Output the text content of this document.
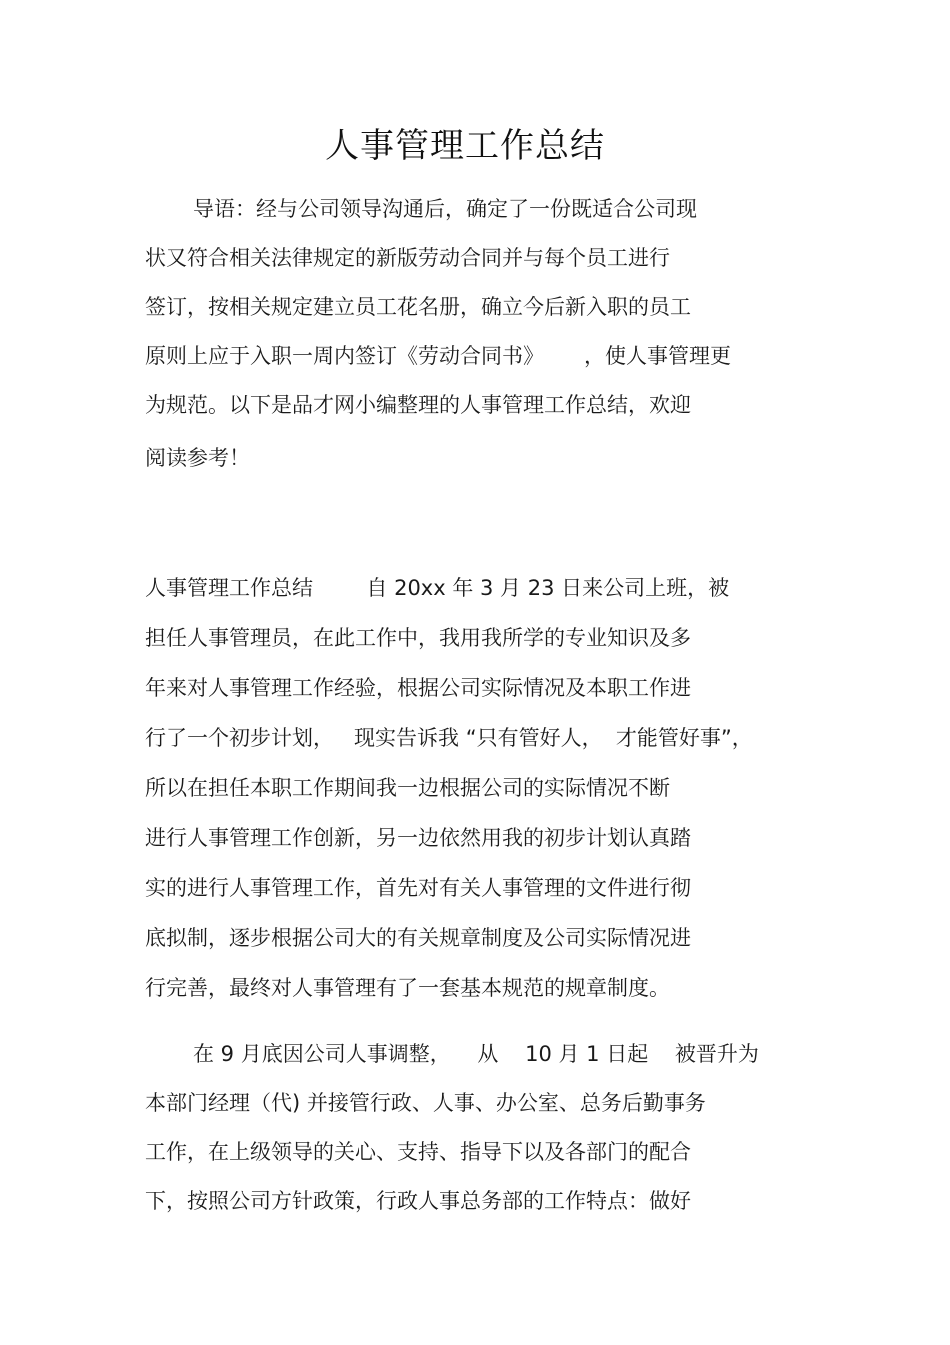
人事管理工作总结
导语：经与公司领导沟通后，确定了一份既适合公司现
状又符合相关法律规定的新版劳动合同并与每个员工进行
签订，按相关规定建立员工花名册，确立今后新入职的员工
原则上应于入职一周内签订《劳动合同书》      ，使人事管理更
为规范。以下是品才网小编整理的人事管理工作总结，欢迎
阅读参考！
人事管理工作总结        自 20xx 年 3 月 23 日来公司上班，被
担任人事管理员，在此工作中，我用我所学的专业知识及多
年来对人事管理工作经验，根据公司实际情况及本职工作进
行了一个初步计划，   现实告诉我 “只有管好人，  才能管好事”，
所以在担任本职工作期间我一边根据公司的实际情况不断
进行人事管理工作创新，另一边依然用我的初步计划认真踏
实的进行人事管理工作，首先对有关人事管理的文件进行彻
底拟制，逐步根据公司大的有关规章制度及公司实际情况进
行完善，最终对人事管理有了一套基本规范的规章制度。
在 9 月底因公司人事调整，    从    10 月 1 日起    被晋升为
本部门经理（代) 并接管行政、人事、办公室、总务后勤事务
工作，在上级领导的关心、支持、指导下以及各部门的配合
下，按照公司方针政策，行政人事总务部的工作特点：做好
